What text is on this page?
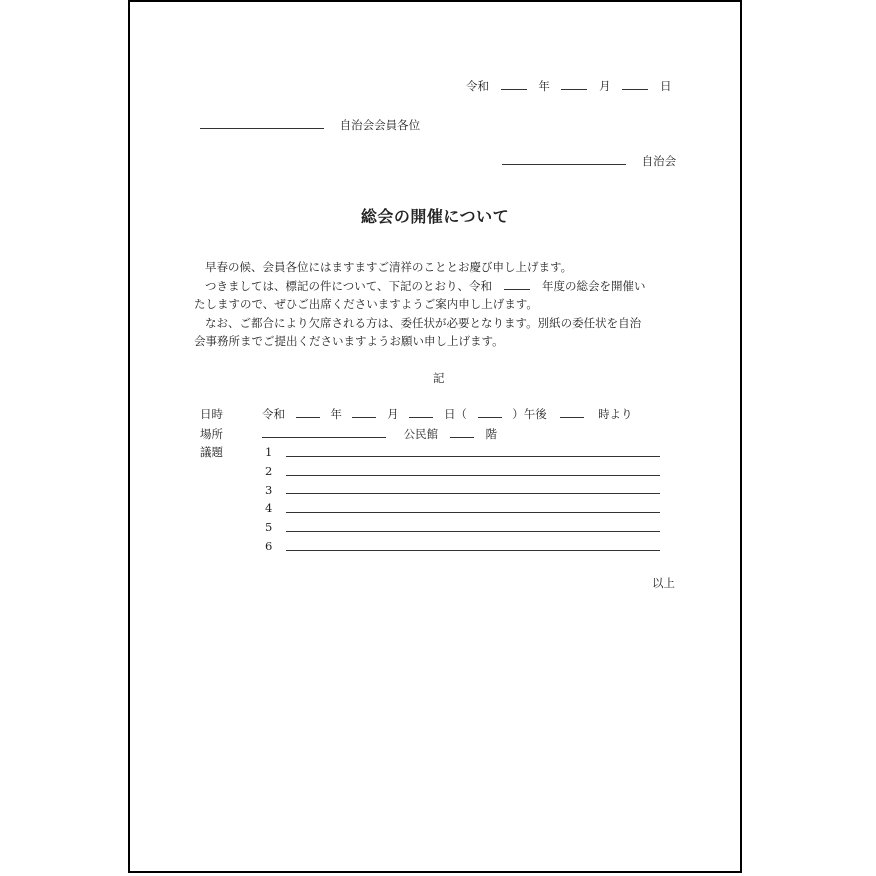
令和	年	月	日
自治会会員各位
自治会
総会の開催について

早春の候、会員各位にはますますご清祥のこととお慶び申し上げます。

つきましては、標記の件について、下記のとおり、令和	年度の総会を開催い

たしますので、ぜひご出席くださいますようご案内申し上げます。

なお、ご都合により欠席される方は、委任状が必要となります。別紙の委任状を自治

会事務所までご提出くださいますようお願い申し上げます。

記
日時	令和	年	月	日（	）午後	時より
場所	公民館	階
議題	1
2
3
4
5
6
以上
